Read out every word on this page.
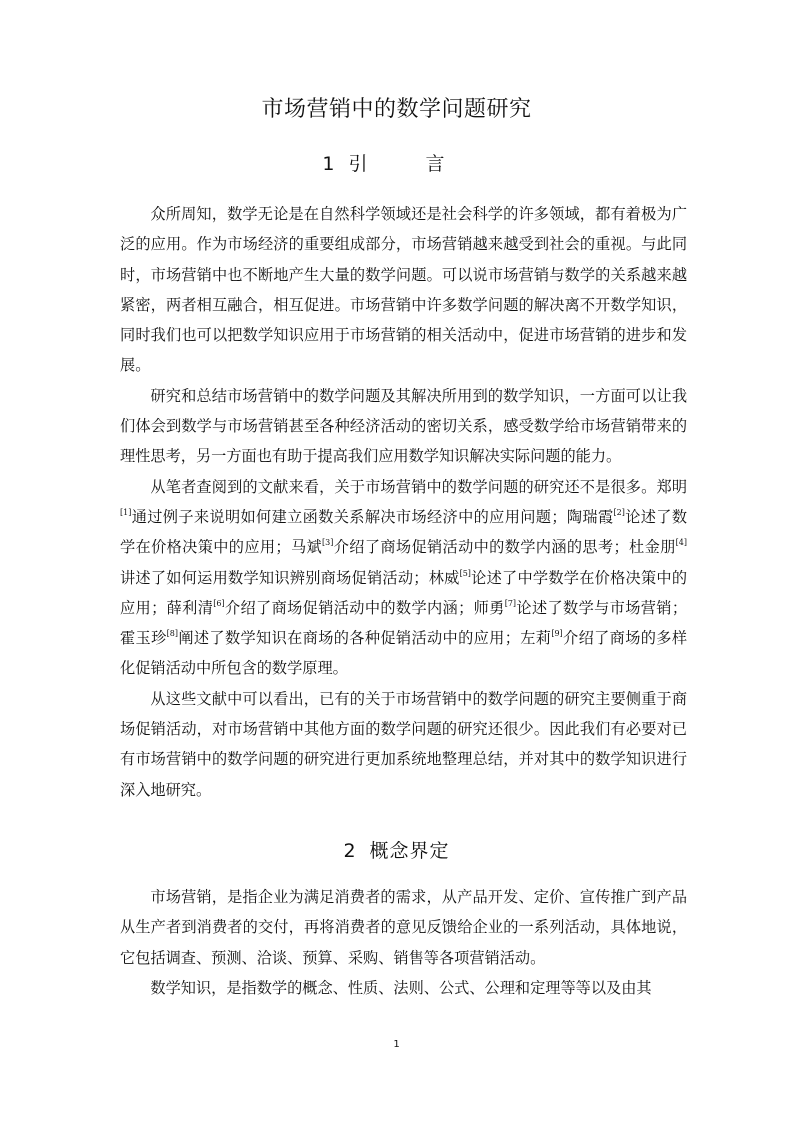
市场营销中的数学问题研究
1 引 言

众所周知，数学无论是在自然科学领域还是社会科学的许多领域，都有着极为广泛的应用。作为市场经济的重要组成部分，市场营销越来越受到社会的重视。与此同时，市场营销中也不断地产生大量的数学问题。可以说市场营销与数学的关系越来越紧密，两者相互融合，相互促进。市场营销中许多数学问题的解决离不开数学知识，同时我们也可以把数学知识应用于市场营销的相关活动中，促进市场营销的进步和发展。

研究和总结市场营销中的数学问题及其解决所用到的数学知识，一方面可以让我们体会到数学与市场营销甚至各种经济活动的密切关系，感受数学给市场营销带来的理性思考，另一方面也有助于提高我们应用数学知识解决实际问题的能力。

从笔者查阅到的文献来看，关于市场营销中的数学问题的研究还不是很多。郑明[1]通过例子来说明如何建立函数关系解决市场经济中的应用问题；陶瑞霞[2]论述了数学在价格决策中的应用；马斌[3]介绍了商场促销活动中的数学内涵的思考；杜金朋[4]讲述了如何运用数学知识辨别商场促销活动；林威[5]论述了中学数学在价格决策中的应用；薛利清[6]介绍了商场促销活动中的数学内涵；师勇[7]论述了数学与市场营销；霍玉珍[8]阐述了数学知识在商场的各种促销活动中的应用；左莉[9]介绍了商场的多样化促销活动中所包含的数学原理。

从这些文献中可以看出，已有的关于市场营销中的数学问题的研究主要侧重于商场促销活动，对市场营销中其他方面的数学问题的研究还很少。因此我们有必要对已有市场营销中的数学问题的研究进行更加系统地整理总结，并对其中的数学知识进行深入地研究。

2 概念界定

市场营销，是指企业为满足消费者的需求，从产品开发、定价、宣传推广到产品从生产者到消费者的交付，再将消费者的意见反馈给企业的一系列活动，具体地说，它包括调查、预测、洽谈、预算、采购、销售等各项营销活动。

数学知识，是指数学的概念、性质、法则、公式、公理和定理等等以及由其

1
